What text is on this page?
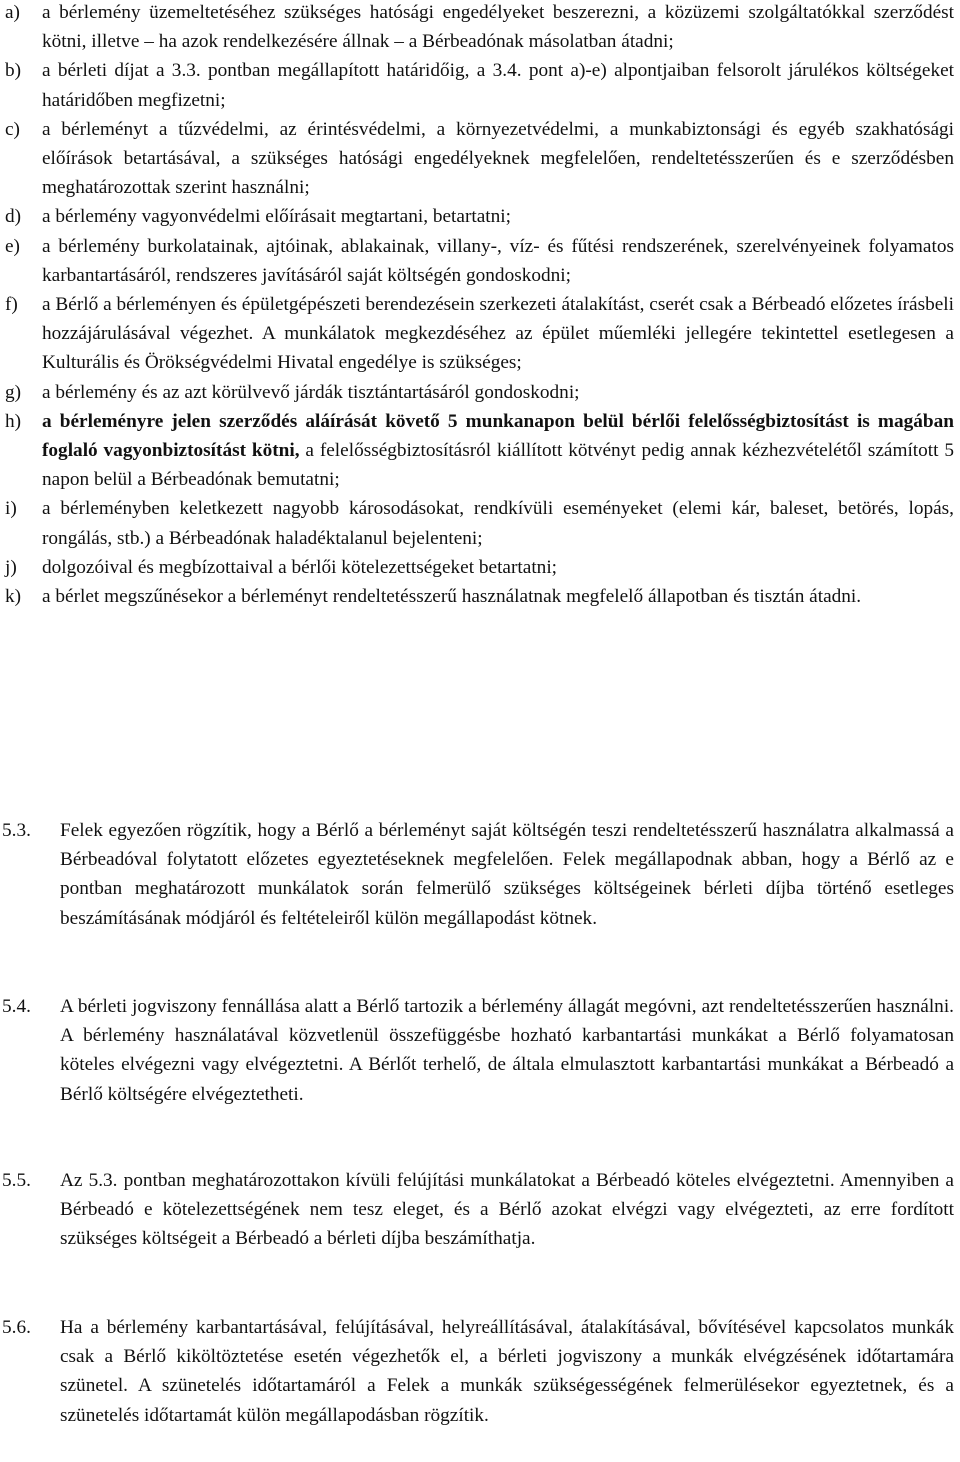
a)	a bérlemény üzemeltetéséhez szükséges hatósági engedélyeket beszerezni, a közüzemi szolgáltatókkal szerződést kötni, illetve – ha azok rendelkezésére állnak – a Bérbeadónak másolatban átadni;
b)	a bérleti díjat a 3.3. pontban megállapított határidőig, a 3.4. pont a)-e) alpontjaiban felsorolt járulékos költségeket határidőben megfizetni;
c)	a bérleményt a tűzvédelmi, az érintésvédelmi, a környezetvédelmi, a munkabiztonsági és egyéb szakhatósági előírások betartásával, a szükséges hatósági engedélyeknek megfelelően, rendeltetésszerűen és e szerződésben meghatározottak szerint használni;
d)	a bérlemény vagyonvédelmi előírásait megtartani, betartatni;
e)	a bérlemény burkolatainak, ajtóinak, ablakainak, villany-, víz- és fűtési rendszerének, szerelvényeinek folyamatos karbantartásáról, rendszeres javításáról saját költségén gondoskodni;
f)	a Bérlő a bérleményen és épületgépészeti berendezésein szerkezeti átalakítást, cserét csak a Bérbeadó előzetes írásbeli hozzájárulásával végezhet. A munkálatok megkezdéséhez az épület műemléki jellegére tekintettel esetlegesen a Kulturális és Örökségvédelmi Hivatal engedélye is szükséges;
g)	a bérlemény és az azt körülvevő járdák tisztántartásáról gondoskodni;
h)	a bérleményre jelen szerződés aláírását követő 5 munkanapon belül bérlői felelősségbiztosítást is magában foglaló vagyonbiztosítást kötni, a felelősségbiztosításról kiállított kötvényt pedig annak kézhezvételétől számított 5 napon belül a Bérbeadónak bemutatni;
i)	a bérleményben keletkezett nagyobb károsodásokat, rendkívüli eseményeket (elemi kár, baleset, betörés, lopás, rongálás, stb.) a Bérbeadónak haladéktalanul bejelenteni;
j)	dolgozóival és megbízottaival a bérlői kötelezettségeket betartatni;
k)	a bérlet megszűnésekor a bérleményt rendeltetésszerű használatnak megfelelő állapotban és tisztán átadni.
5.3.	Felek egyezően rögzítik, hogy a Bérlő a bérleményt saját költségén teszi rendeltetésszerű használatra alkalmassá a Bérbeadóval folytatott előzetes egyeztetéseknek megfelelően. Felek megállapodnak abban, hogy a Bérlő az e pontban meghatározott munkálatok során felmerülő szükséges költségeinek bérleti díjba történő esetleges beszámításának módjáról és feltételeiről külön megállapodást kötnek.
5.4.	A bérleti jogviszony fennállása alatt a Bérlő tartozik a bérlemény állagát megóvni, azt rendeltetésszerűen használni. A bérlemény használatával közvetlenül összefüggésbe hozható karbantartási munkákat a Bérlő folyamatosan köteles elvégezni vagy elvégeztetni. A Bérlőt terhelő, de általa elmulasztott karbantartási munkákat a Bérbeadó a Bérlő költségére elvégeztetheti.
5.5.	Az 5.3. pontban meghatározottakon kívüli felújítási munkálatokat a Bérbeadó köteles elvégeztetni. Amennyiben a Bérbeadó e kötelezettségének nem tesz eleget, és a Bérlő azokat elvégzi vagy elvégezteti, az erre fordított szükséges költségeit a Bérbeadó a bérleti díjba beszámíthatja.
5.6.	Ha a bérlemény karbantartásával, felújításával, helyreállításával, átalakításával, bővítésével kapcsolatos munkák csak a Bérlő kiköltöztetése esetén végezhetők el, a bérleti jogviszony a munkák elvégzésének időtartamára szünetel. A szünetelés időtartamáról a Felek a munkák szükségességének felmerülésekor egyeztetnek, és a szünetelés időtartamát külön megállapodásban rögzítik.
